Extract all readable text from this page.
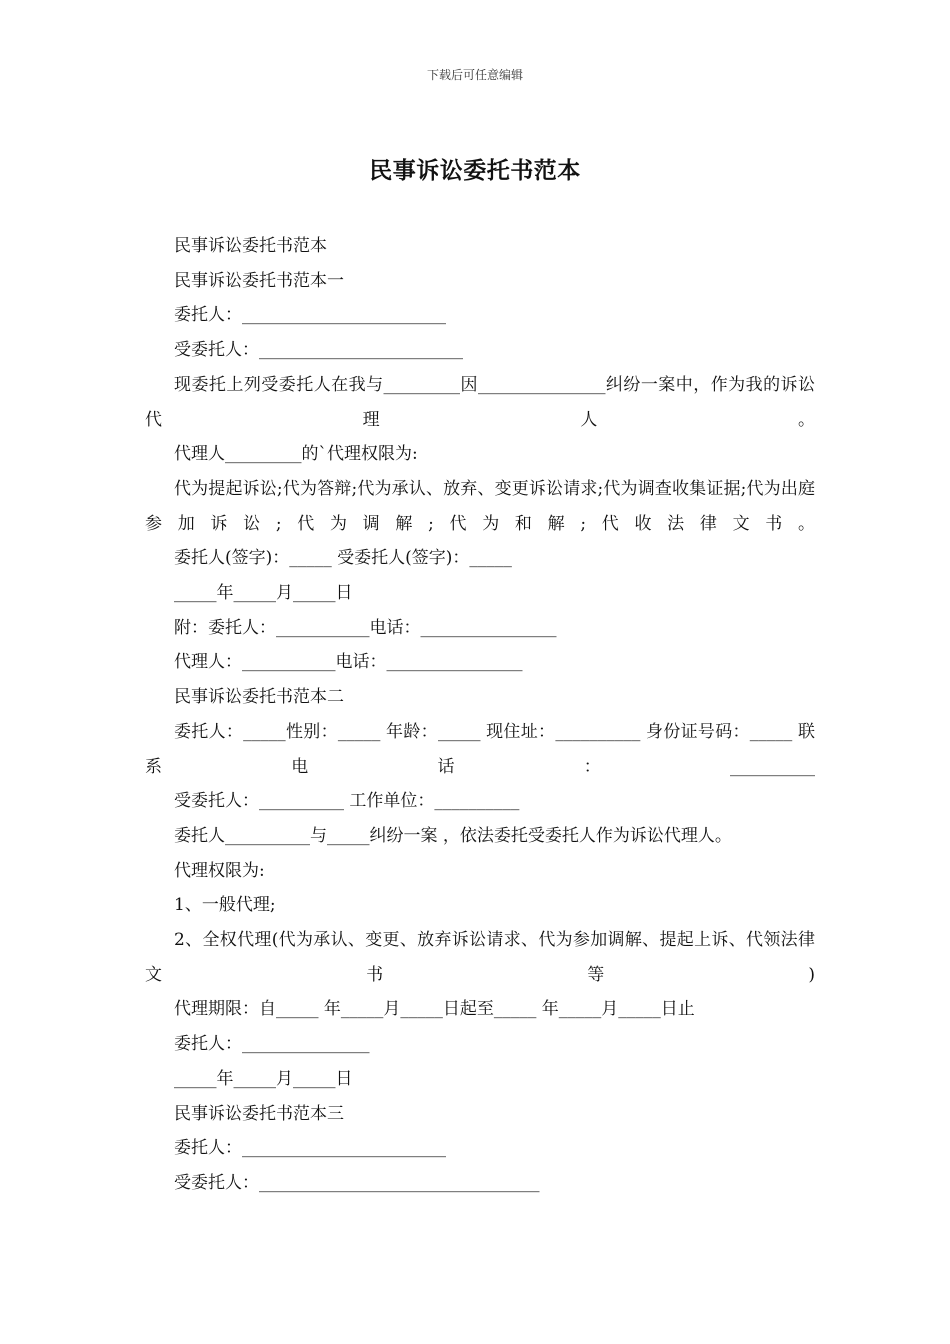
下载后可任意编辑
民事诉讼委托书范本

民事诉讼委托书范本

民事诉讼委托书范本一

委托人：________________________

受委托人：________________________

现委托上列受委托人在我与_________因_______________纠纷一案中，作为我的诉讼代理人。

代理人_________的`代理权限为:

代为提起诉讼;代为答辩;代为承认、放弃、变更诉讼请求;代为调查收集证据;代为出庭参加诉讼;代为调解;代为和解;代收法律文书。

委托人(签字)：_____ 受委托人(签字)：_____

_____年_____月_____日

附：委托人：___________电话：________________

代理人：___________电话：________________

民事诉讼委托书范本二

委托人：_____性别：_____ 年龄：_____ 现住址：__________ 身份证号码：_____ 联系电话：__________

受委托人：__________ 工作单位：__________

委托人__________与_____纠纷一案 ，依法委托受委托人作为诉讼代理人。

代理权限为:

1、一般代理;

2、全权代理(代为承认、变更、放弃诉讼请求、代为参加调解、提起上诉、代领法律文书等)

代理期限：自_____ 年_____月_____日起至_____ 年_____月_____日止

委托人：_______________

_____年_____月_____日

民事诉讼委托书范本三

委托人：________________________

受委托人：_________________________________
